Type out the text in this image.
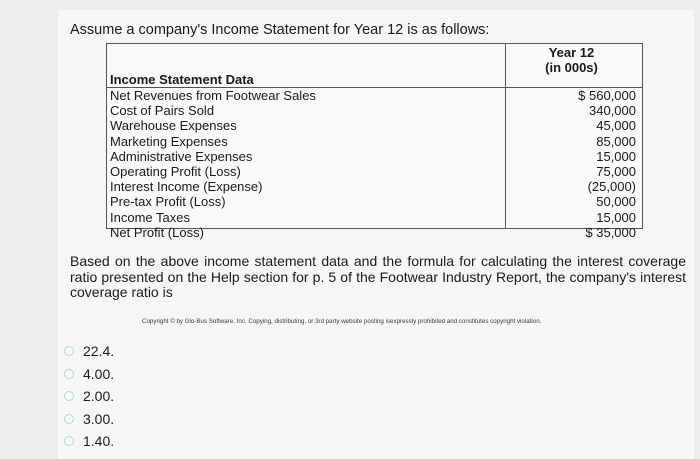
Assume a company's Income Statement for Year 12 is as follows:
Income Statement Data
Year 12
(in 000s)
Net Revenues from Footwear Sales
Cost of Pairs Sold
Warehouse Expenses
Marketing Expenses
Administrative Expenses
Operating Profit (Loss)
Interest Income (Expense)
Pre-tax Profit (Loss)
Income Taxes
Net Profit (Loss)
$ 560,000
340,000
45,000
85,000
15,000
75,000
(25,000)
50,000
15,000
$ 35,000
Based on the above income statement data and the formula for calculating the interest coverage ratio presented on the Help section for p. 5 of the Footwear Industry Report, the company's interest coverage ratio is
Copyright © by Glo-Bus Software, Inc. Copying, distributing, or 3rd party website posting isexpressly prohibited and constitutes copyright violation.
22.4.
4.00.
2.00.
3.00.
1.40.
